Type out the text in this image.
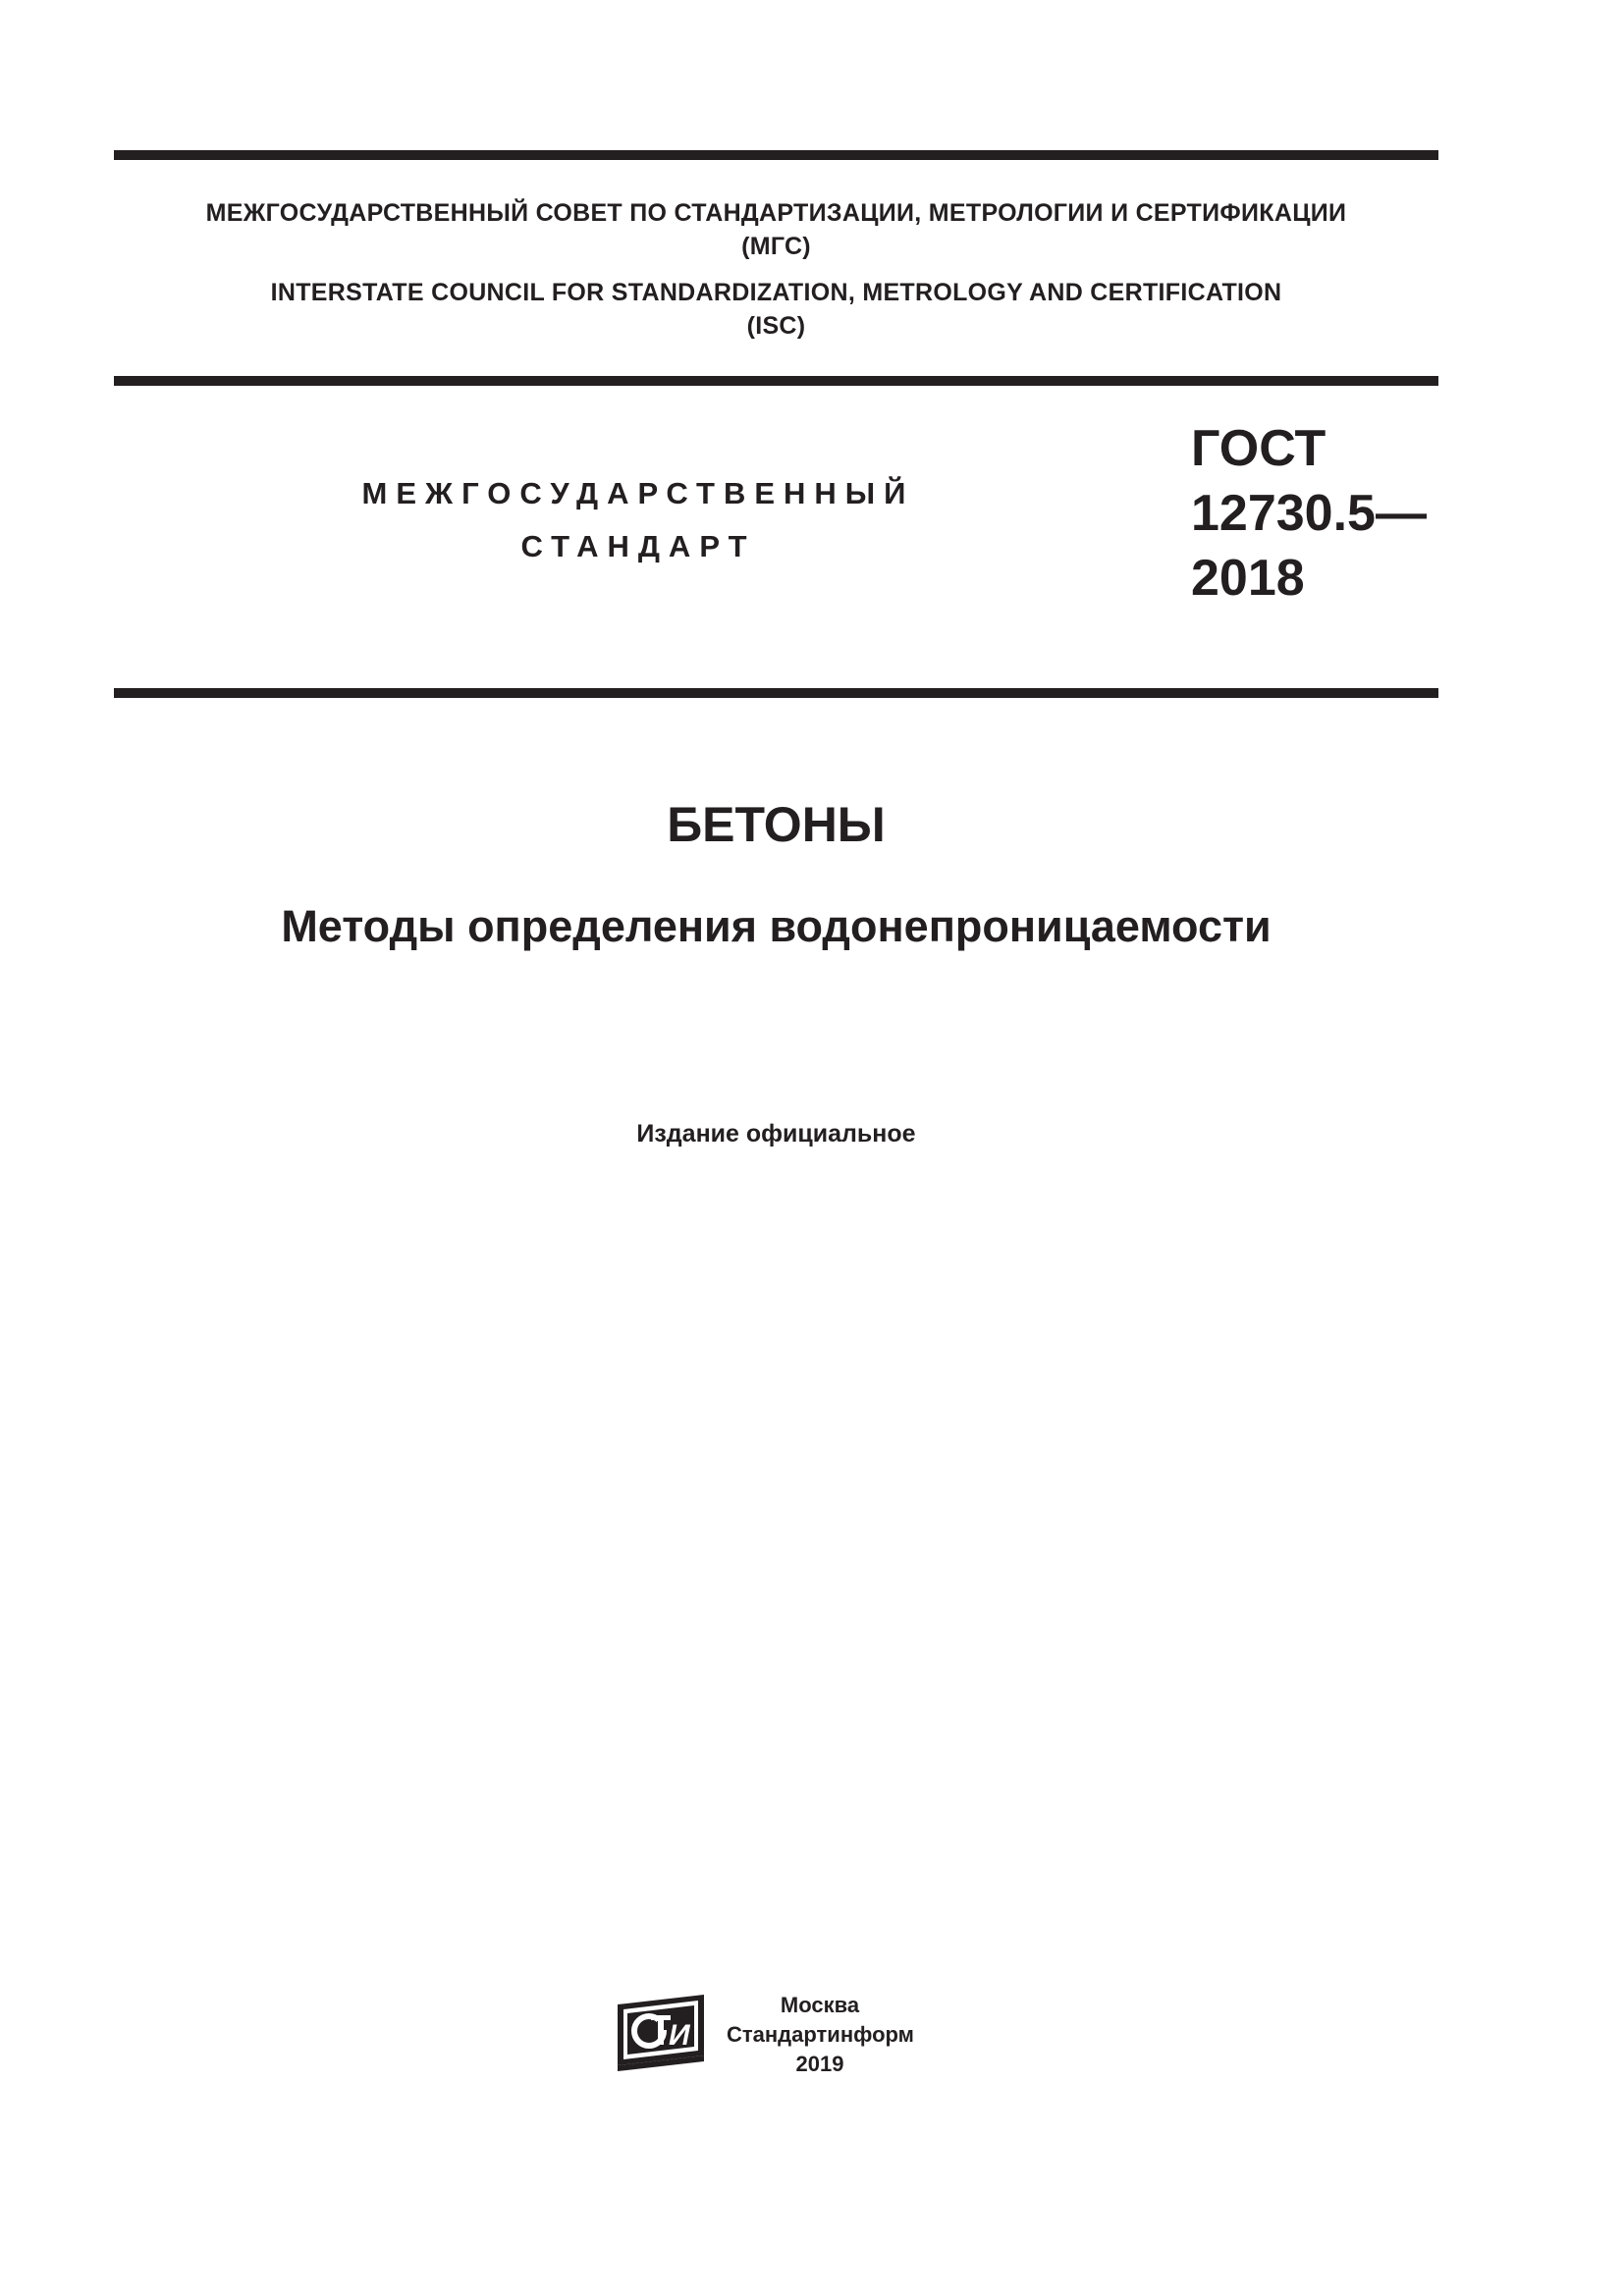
МЕЖГОСУДАРСТВЕННЫЙ СОВЕТ ПО СТАНДАРТИЗАЦИИ, МЕТРОЛОГИИ И СЕРТИФИКАЦИИ
(МГС)
INTERSTATE COUNCIL FOR STANDARDIZATION, METROLOGY AND CERTIFICATION
(ISC)
МЕЖГОСУДАРСТВЕННЫЙ
СТАНДАРТ
ГОСТ
12730.5—
2018
БЕТОНЫ
Методы определения водонепроницаемости
Издание официальное
И
Москва
Стандартинформ
2019
